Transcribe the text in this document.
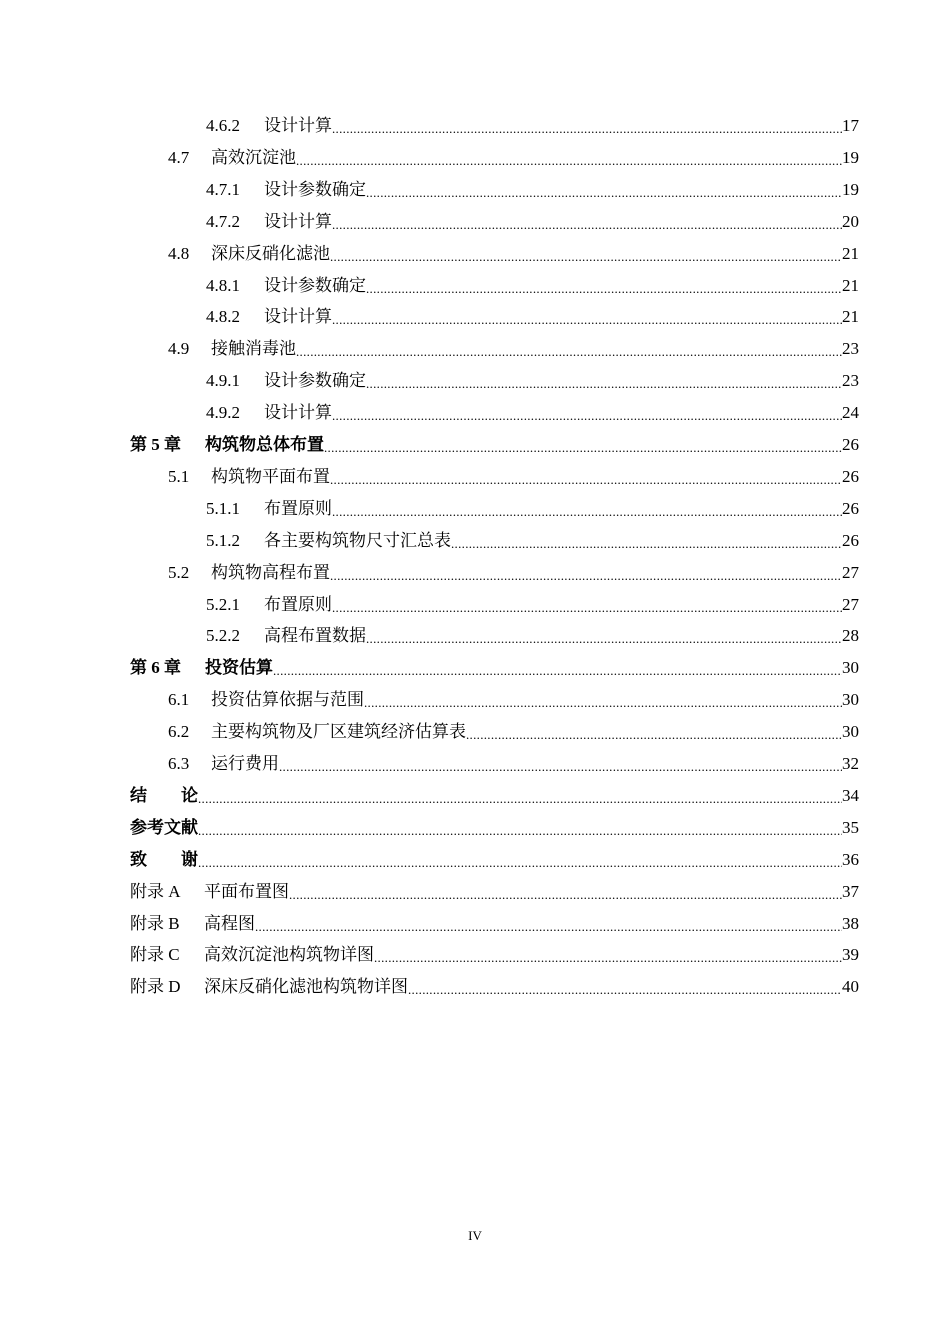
4.6.2	设计计算 .....	17
4.7	高效沉淀池 .....	19
4.7.1	设计参数确定 .....	19
4.7.2	设计计算 .....	20
4.8	深床反硝化滤池 .....	21
4.8.1	设计参数确定 .....	21
4.8.2	设计计算 .....	21
4.9	接触消毒池 .....	23
4.9.1	设计参数确定 .....	23
4.9.2	设计计算 .....	24
第 5 章	构筑物总体布置 .....	26
5.1	构筑物平面布置 .....	26
5.1.1	布置原则 .....	26
5.1.2	各主要构筑物尺寸汇总表 .....	26
5.2	构筑物高程布置 .....	27
5.2.1	布置原则 .....	27
5.2.2	高程布置数据 .....	28
第 6 章	投资估算 .....	30
6.1	投资估算依据与范围 .....	30
6.2	主要构筑物及厂区建筑经济估算表 .....	30
6.3	运行费用 .....	32
结　　论 .....	34
参考文献 .....	35
致　　谢 .....	36
附录 A	平面布置图 .....	37
附录 B	高程图 .....	38
附录 C	高效沉淀池构筑物详图 .....	39
附录 D	深床反硝化滤池构筑物详图 .....	40
IV
